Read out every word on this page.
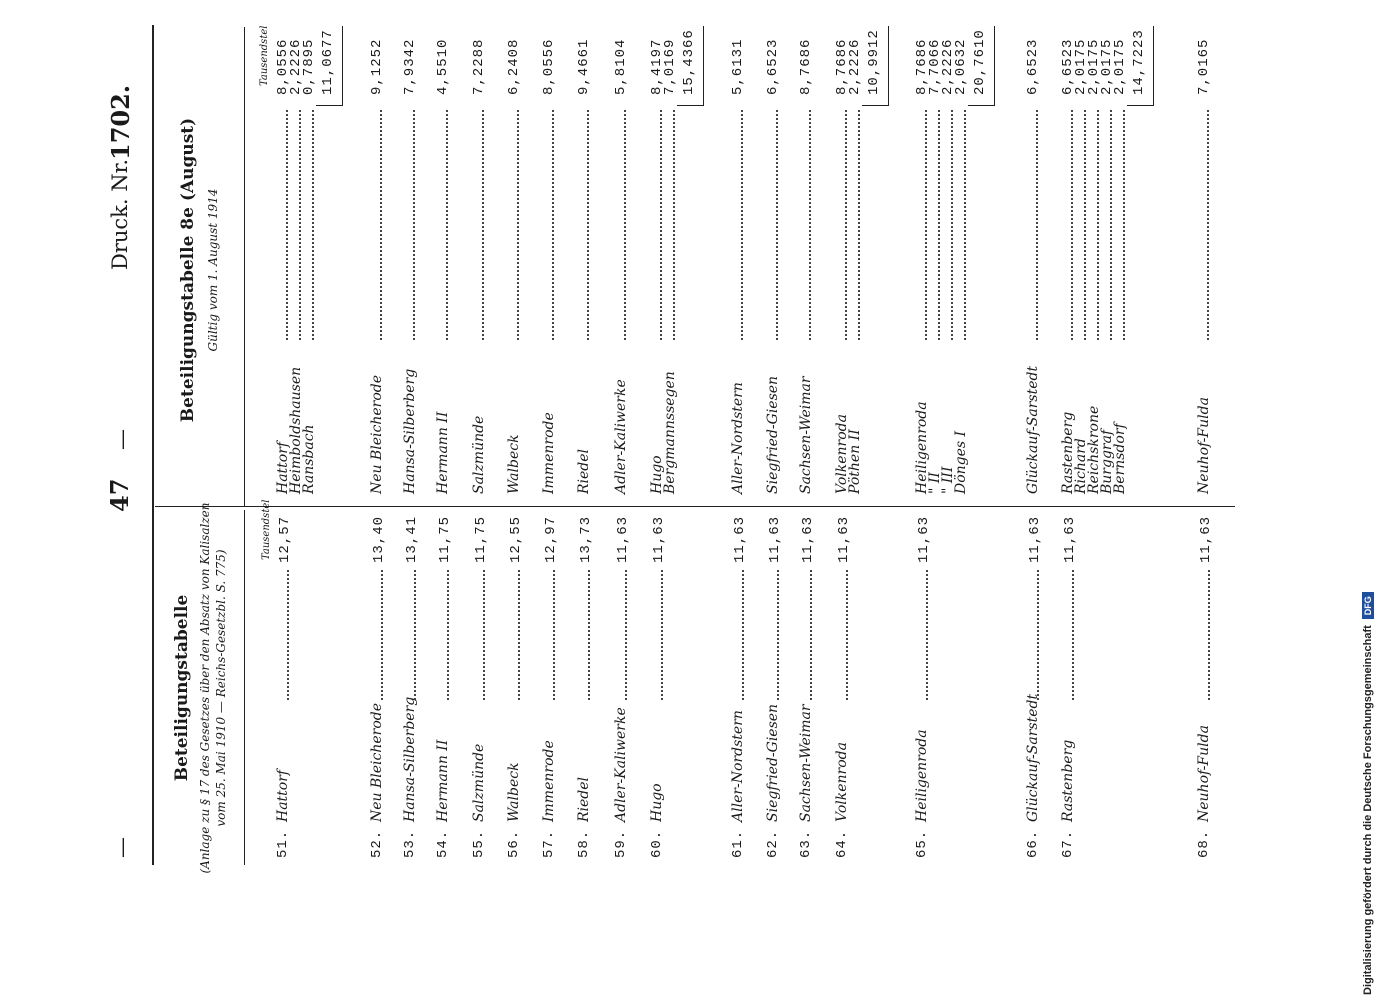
—
47
—
Druck. Nr.
1702.
Beteiligungstabelle (Anlage zu § 17 des Gesetzes über den Absatz von Kalisalzen vom 25. Mai 1910 — Reichs-Gesetzbl. S. 775)
Tausendstel
Beteiligungstabelle 8e (August) Gültig vom 1. August 1914
Tausendstel
51.
Hattorf
12,57
52.
Neu Bleicherode
13,40
53.
Hansa-Silberberg
13,41
54.
Hermann II
11,75
55.
Salzmünde
11,75
56.
Walbeck
12,55
57.
Immenrode
12,97
58.
Riedel
13,73
59.
Adler-Kaliwerke
11,63
60.
Hugo
11,63
61.
Aller-Nordstern
11,63
62.
Siegfried-Giesen
11,63
63.
Sachsen-Weimar
11,63
64.
Volkenroda
11,63
65.
Heiligenroda
11,63
66.
Glückauf-Sarstedt
11,63
67.
Rastenberg
11,63
68.
Neuhof-Fulda
11,63
Hattorf
8,0556
Heimboldshausen
2,2226
Ransbach
0,7895 11,0677
Neu Bleicherode
9,1252
Hansa-Silberberg
7,9342
Hermann II
4,5510
Salzmünde
7,2288
Walbeck
6,2408
Immenrode
8,0556
Riedel
9,4661
Adler-Kaliwerke
5,8104
Hugo
8,4197
Bergmannssegen
7,0169 15,4366
Aller-Nordstern
5,6131
Siegfried-Giesen
6,6523
Sachsen-Weimar
8,7686
Volkenroda
8,7686
Pöthen II
2,2226 10,9912
Heiligenroda
8,7686
" II
7,7066
" III
2,2226
Dönges I
2,0632 20,7610
Glückauf-Sarstedt
6,6523
Rastenberg
6,6523
Richard
2,0175
Reichskrone
2,0175
Burggraf
2,0175
Bernsdorf
2,0175 14,7223
Neuhof-Fulda
7,0165
Digitalisierung gefördert durch die Deutsche Forschungsgemeinschaft
DFG
